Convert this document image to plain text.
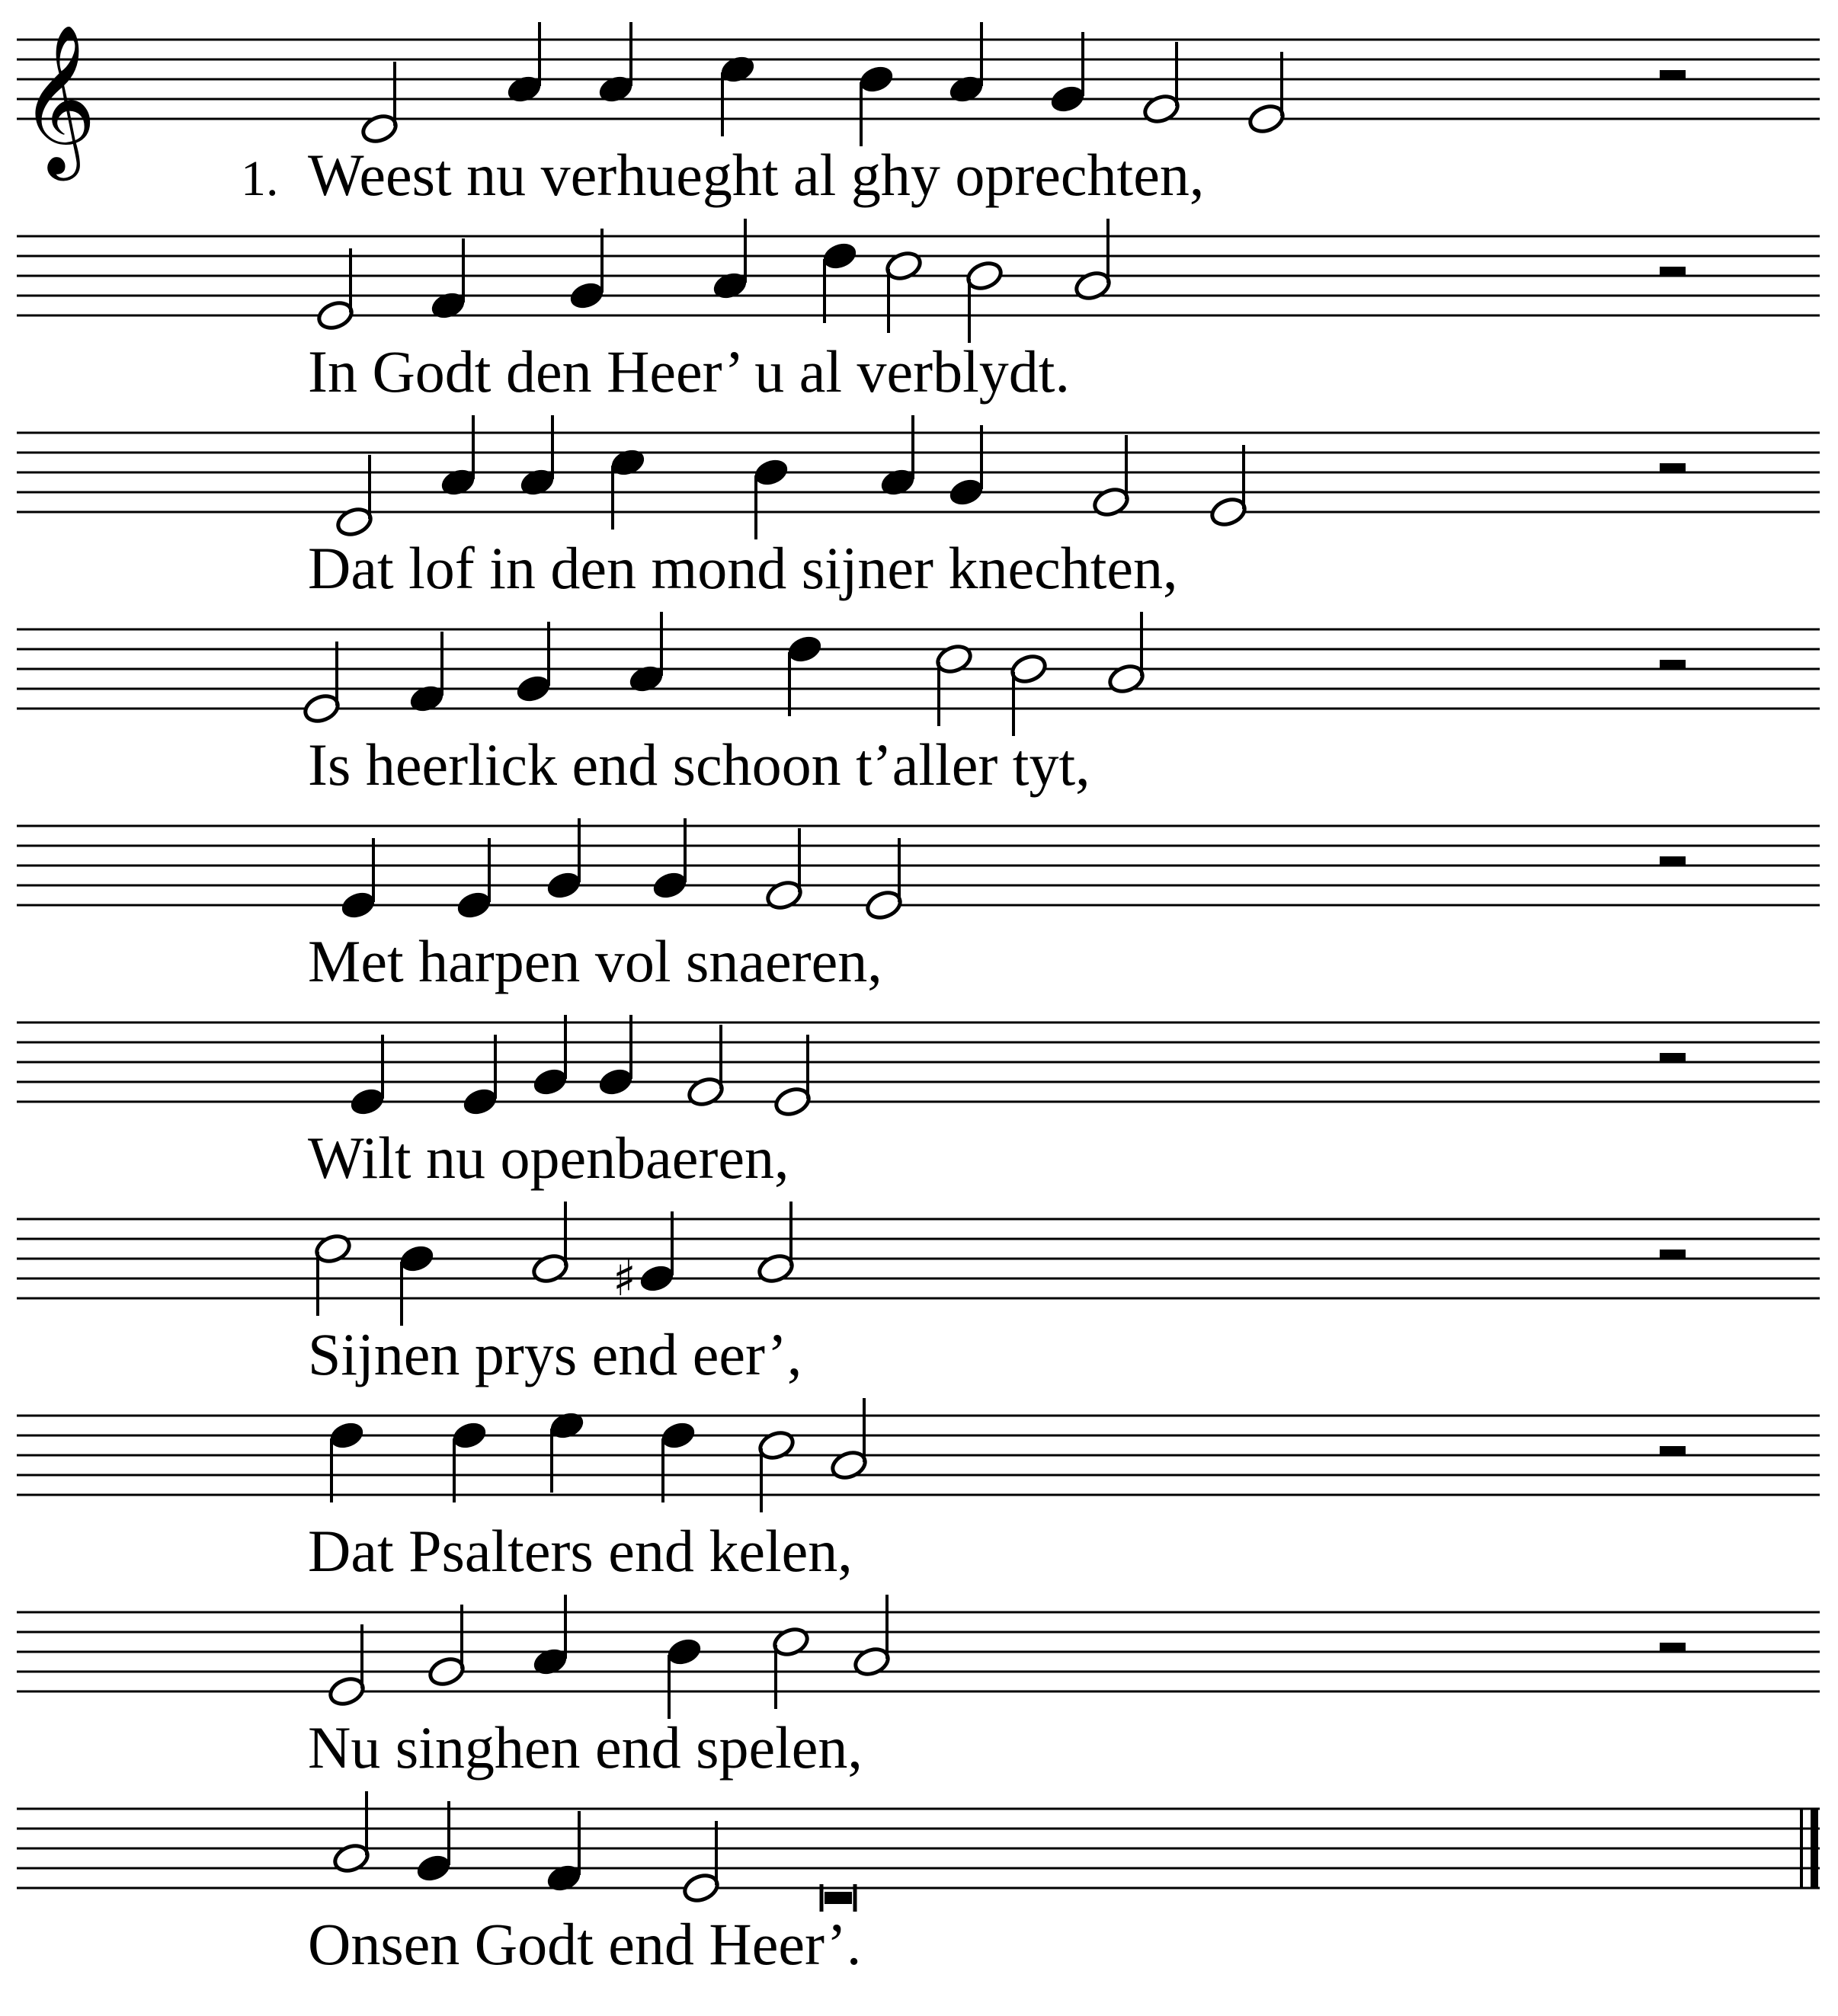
𝄞
1. Weest nu verhueght al ghy oprechten,
In Godt den Heer’ u al verblydt.
Dat lof in den mond sijner knechten,
Is heerlick end schoon t’aller tyt,
Met harpen vol snaeren,
Wilt nu openbaeren,
♯
Sijnen prys end eer’,
Dat Psalters end kelen,
Nu singhen end spelen,
Onsen Godt end Heer’.
